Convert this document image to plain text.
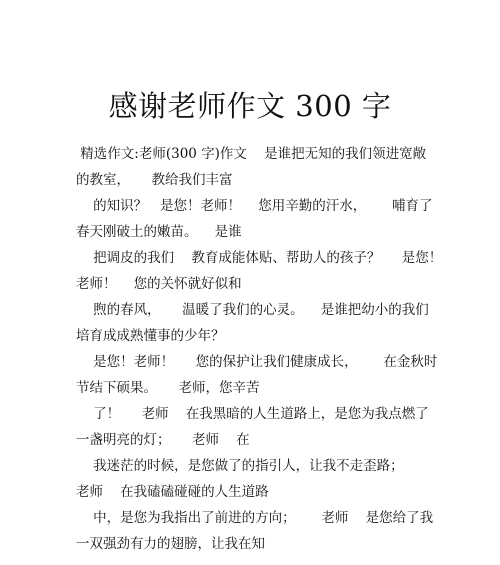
感谢老师作文 300 字
精选作文:老师(300 字)作文    是谁把无知的我们领进宽敞
的教室，     教给我们丰富
的知识？   是您！老师！    您用辛勤的汗水，      哺育了
春天刚破土的嫩苗。    是谁
把调皮的我们    教育成能体贴、帮助人的孩子？     是您！
老师！    您的关怀就好似和
煦的春风，     温暖了我们的心灵。    是谁把幼小的我们
培育成成熟懂事的少年？
是您！老师！     您的保护让我们健康成长，      在金秋时
节结下硕果。     老师，您辛苦
了！     老师    在我黑暗的人生道路上，是您为我点燃了
一盏明亮的灯；     老师    在
我迷茫的时候，是您做了的指引人，让我不走歪路；
老师    在我磕磕碰碰的人生道路
中，是您为我指出了前进的方向；      老师    是您给了我
一双强劲有力的翅膀，让我在知
